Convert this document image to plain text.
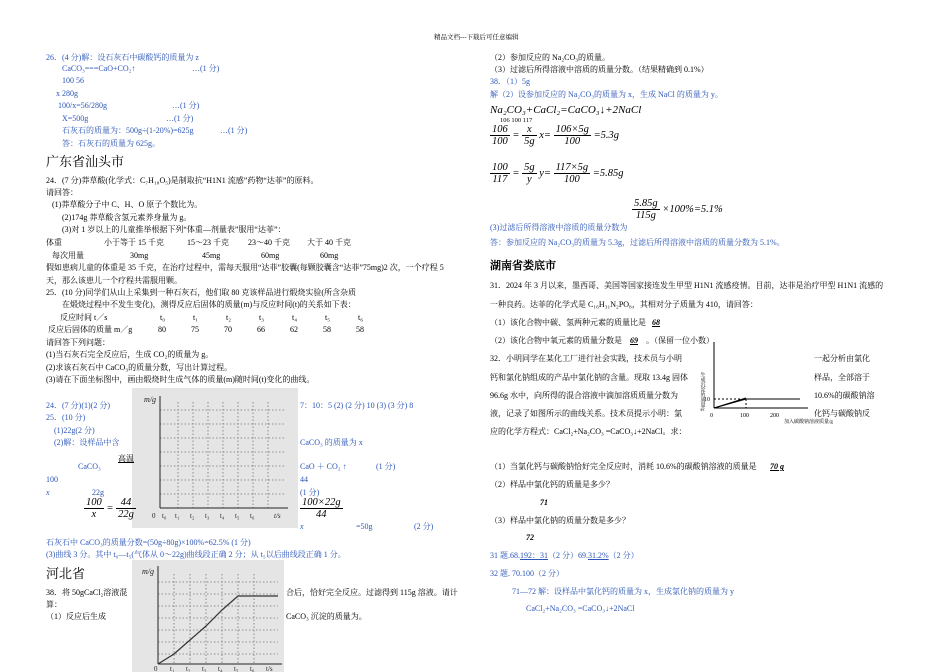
精品文档---下载后可任意编辑
26．(4 分)解：设石灰石中碳酸钙的质量为 z
CaCO₃===CaO+CO₂↑	…(1 分)
100 56
x 280g
100/x=56/280g	…(1 分)
X=500g	…(1 分)
石灰石的质量为：500g÷(1-20%)=625g	…(1 分)
答：石灰石的质量为 625g。
广东省汕头市
24．(7 分)莽草酸(化学式：C₇H₁₀O₅)是制取抗“H1N1 流感”药物“达菲”的原料。
请回答：
(1)莽草酸分子中 C、H、O 原子个数比为。
(2)174g 莽草酸含氢元素养身量为 g。
(3)对 1 岁以上的儿童推举根据下列“体重—剂量表”服用“达菲”：
体重	小于等于 15 千克	15～23 千克 23～40 千克 大于 40 千克
每次用量	30mg	45mg	60mg	60mg
假如患病儿童的体重是 35 千克，在治疗过程中，需每天服用“达菲”胶囊(每颗胶囊含“达菲”75mg)2 次，一个疗程 5
天，那么该患儿一个疗程共需服用颗。
25．(10 分)同学们从山上采集到一种石灰石，他们取 80 克该样品进行煅烧实验(所含杂质
在煅烧过程中不发生变化)，测得反应后固体的质量(m)与反应时间(t)的关系如下表：
反应时间 t／s	t₀	t₁	t₂	t₃	t₄	t₅	t₆
反应后固体的质量 m／g	80	75	70	66	62	58	58
请回答下列问题：
(1)当石灰石完全反应后，生成 CO₂的质量为 g。
(2)求该石灰石中 CaCO₃的质量分数，写出计算过程。
(3)请在下面坐标图中，画由煅烧时生成气体的质量(m)随时间(t)变化的曲线。
m/g
0 t₀ t₁ t₂ t₃ t₄ t₅ t₆	t/s
24．(7 分)(1)(2 分)	7：10：5 (2) (2 分) 10 (3) (3 分) 8
25．(10 分)
(1)22g(2 分)
(2)解：设样品中含	CaCO₃ 的质量为 x
CaCO₃
高温
CaO ＋ CO₂ ↑	(1 分)
100	44
x	22g	(1 分)
$\frac{100}{x} = \frac{44}{22g}$	$\frac{100\times 22g}{44}$
x	=50g	(2 分)
石灰石中 CaCO₃的质量分数=(50g÷80g)×100%=62.5% (1 分)
(3)曲线 3 分。其中 t₀—t₅(气体从 0～22g)曲线段正确 2 分；从 t₅以后曲线段正确 1 分。
河北省
38．将 50gCaCl₂溶液混	合后，恰好完全反应。过滤得到 115g 溶液。请计
算：
（1）反应后生成	CaCO₃ 沉淀的质量为。
m/g
0 t₁ t₂ t₃ t₄ t₅ t₆ t/s
（2）参加反应的 Na₂CO₃的质量。
（3）过滤后所得溶液中溶质的质量分数。（结果精确到 0.1%）
38．（1）5g
解（2）设参加反应的 Na₂CO₃的质量为 x，生成 NaCl 的质量为 y。
Na₂CO₃+CaCl₂=CaCO₃↓+2NaCl
106 100 117
$\frac{106}{100} = \frac{x}{5g} x= \frac{106\times 5g}{100} =5.3g$
$\frac{100}{117} = \frac{5g}{y} y= \frac{117\times 5g}{100} =5.85g$
$\frac{5.85g}{115g} \times 100\%=5.1\%$
(3)过滤后所得溶液中溶质的质量分数为
答：参加反应的 Na₂CO₃的质量为 5.3g，过滤后所得溶液中溶质的质量分数为 5.1%。
湖南省娄底市
31．2024 年 3 月以来，墨西哥、美国等国家接连发生甲型 H1N1 流感疫情。目前，达菲是治疗甲型 H1N1 流感的
一种良药。达菲的化学式是 C₁₆H₃₁N₂PO₈，其相对分子质量为 410，请回答：
（1）该化合物中碳、氢两种元素的质量比是 68
（2）该化合物中氧元素的质量分数是 69 。（保留一位小数）
32．小明同学在某化工厂进行社会实践，技术员与小明	一起分析由氯化
钙和氯化钠组成的产品中氯化钠的含量。现取 13.4g 固体	样品，全部溶于
96.6g 水中，向所得的混合溶液中滴加溶质质量分数为	10.6%的碳酸钠溶
液，记录了如图所示的曲线关系。技术员提示小明：氯	化钙与碳酸钠反
应的化学方程式：CaCl₂+Na₂CO₃ =CaCO₃↓+2NaCl。求：
生成沉淀的质量/g 10
0	100	200
加入碳酸钠溶液质量/g
（1）当氯化钙与碳酸钠恰好完全反应时，消耗 10.6%的碳酸钠溶液的质量是 70 g
（2）样品中氯化钙的质量是多少？
71
（3）样品中氯化钠的质量分数是多少？
72
31 题.68.192：31（2 分）69.31.2%（2 分）
32 题. 70.100（2 分）
71—72 解：设样品中氯化钙的质量为 x，生成氯化钠的质量为 y
CaCl₂+Na₂CO₃ =CaCO₃↓+2NaCl
